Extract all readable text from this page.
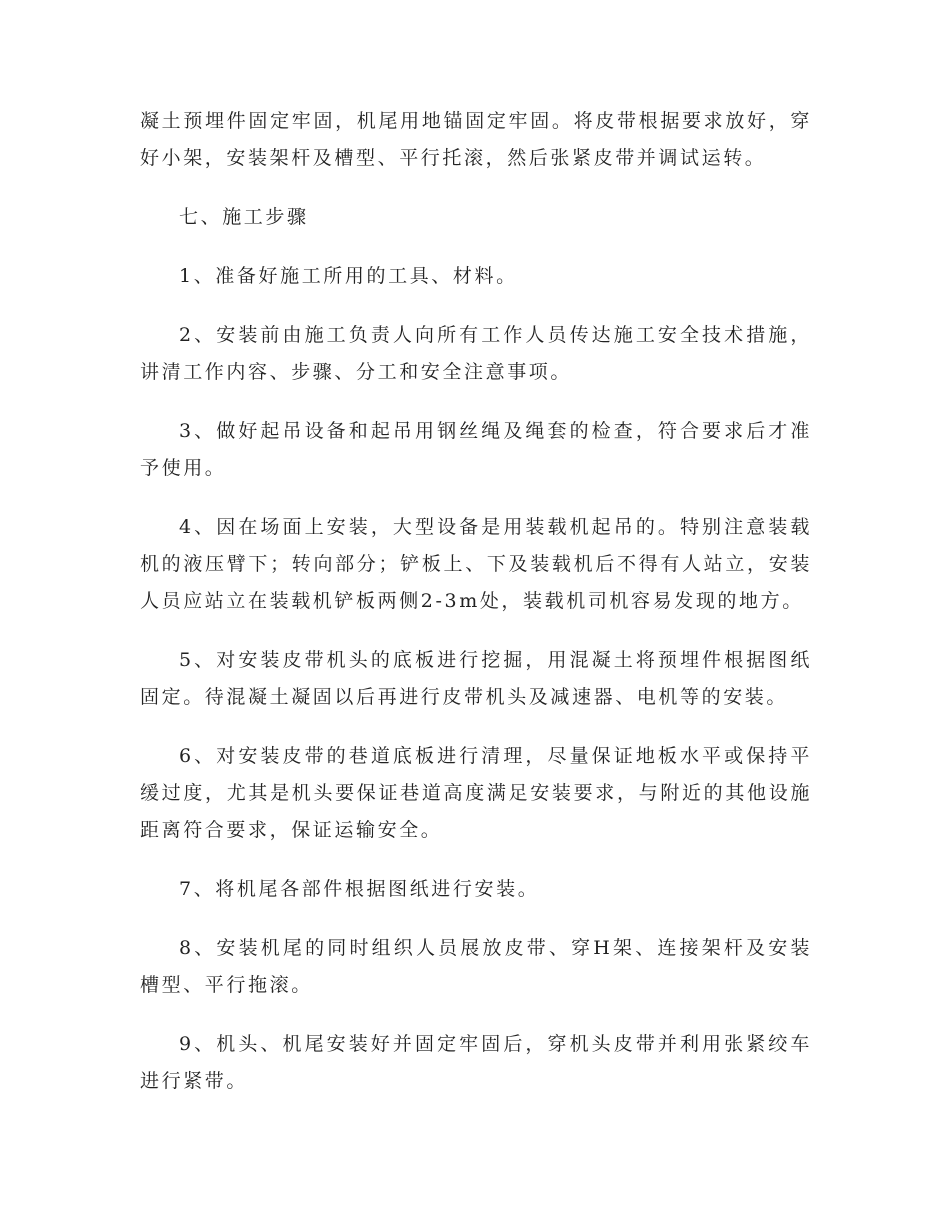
凝土预埋件固定牢固，机尾用地锚固定牢固。将皮带根据要求放好，穿好小架，安装架杆及槽型、平行托滚，然后张紧皮带并调试运转。

七、施工步骤

1、准备好施工所用的工具、材料。

2、安装前由施工负责人向所有工作人员传达施工安全技术措施，讲清工作内容、步骤、分工和安全注意事项。

3、做好起吊设备和起吊用钢丝绳及绳套的检查，符合要求后才准予使用。

4、因在场面上安装，大型设备是用装载机起吊的。特别注意装载机的液压臂下；转向部分；铲板上、下及装载机后不得有人站立，安装人员应站立在装载机铲板两侧2-3m处，装载机司机容易发现的地方。

5、对安装皮带机头的底板进行挖掘，用混凝土将预埋件根据图纸固定。待混凝土凝固以后再进行皮带机头及减速器、电机等的安装。

6、对安装皮带的巷道底板进行清理，尽量保证地板水平或保持平缓过度，尤其是机头要保证巷道高度满足安装要求，与附近的其他设施距离符合要求，保证运输安全。

7、将机尾各部件根据图纸进行安装。

8、安装机尾的同时组织人员展放皮带、穿H架、连接架杆及安装槽型、平行拖滚。

9、机头、机尾安装好并固定牢固后，穿机头皮带并利用张紧绞车进行紧带。
